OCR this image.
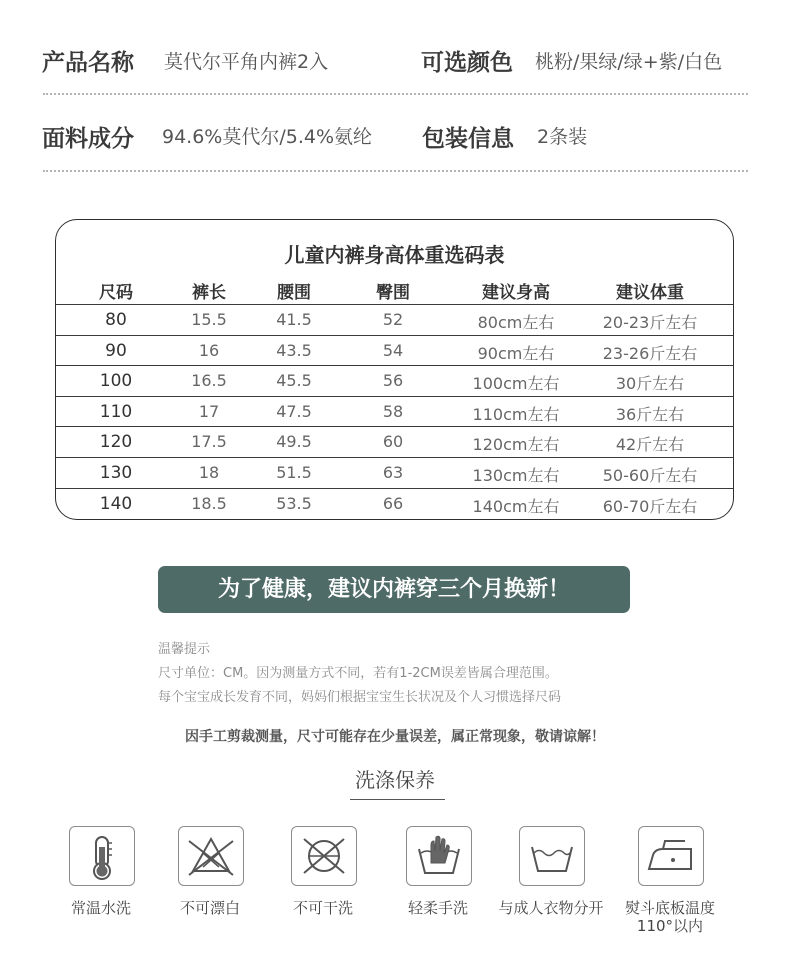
产品名称 莫代尔平角内裤2入	可选颜色 桃粉/果绿/绿+紫/白色
面料成分 94.6%莫代尔/5.4%氨纶 包装信息 2条装
儿童内裤身高体重选码表
尺码	裤长	腰围	臀围	建议身高	建议体重
80	15.5	41.5	52	80cm左右	20-23斤左右
90	16	43.5	54	90cm左右	23-26斤左右
100	16.5	45.5	56	100cm左右	30斤左右
110	17	47.5	58	110cm左右	36斤左右
120	17.5	49.5	60	120cm左右	42斤左右
130	18	51.5	63	130cm左右	50-60斤左右
140	18.5	53.5	66	140cm左右	60-70斤左右
为了健康，建议内裤穿三个月换新！
温馨提示
尺寸单位：CM。因为测量方式不同，若有1-2CM误差皆属合理范围。
每个宝宝成长发育不同，妈妈们根据宝宝生长状况及个人习惯选择尺码
因手工剪裁测量，尺寸可能存在少量误差，属正常现象，敬请谅解！
洗涤保养
常温水洗	不可漂白	不可干洗	轻柔手洗	与成人衣物分开	熨斗底板温度
110°以内
